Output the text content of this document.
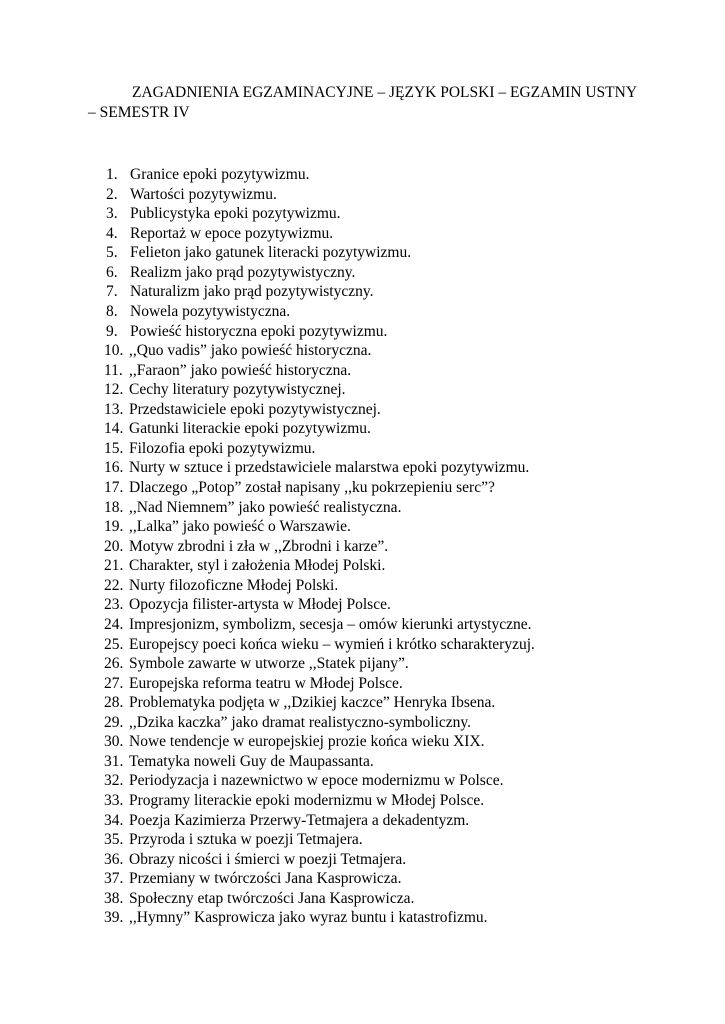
ZAGADNIENIA EGZAMINACYJNE – JĘZYK POLSKI – EGZAMIN USTNY – SEMESTR IV
1. Granice epoki pozytywizmu.
2. Wartości pozytywizmu.
3. Publicystyka epoki pozytywizmu.
4. Reportaż w epoce pozytywizmu.
5. Felieton jako gatunek literacki pozytywizmu.
6. Realizm jako prąd pozytywistyczny.
7. Naturalizm jako prąd pozytywistyczny.
8. Nowela pozytywistyczna.
9. Powieść historyczna epoki pozytywizmu.
10. ,,Quo vadis” jako powieść historyczna.
11. ,,Faraon” jako powieść historyczna.
12. Cechy literatury pozytywistycznej.
13. Przedstawiciele epoki pozytywistycznej.
14. Gatunki literackie epoki pozytywizmu.
15. Filozofia epoki pozytywizmu.
16. Nurty w sztuce i przedstawiciele malarstwa epoki pozytywizmu.
17. Dlaczego „Potop” został napisany ,,ku pokrzepieniu serc”?
18. ,,Nad Niemnem” jako powieść realistyczna.
19. ,,Lalka” jako powieść o Warszawie.
20. Motyw zbrodni i zła w ,,Zbrodni i karze”.
21. Charakter, styl i założenia Młodej Polski.
22. Nurty filozoficzne Młodej Polski.
23. Opozycja filister-artysta w Młodej Polsce.
24. Impresjonizm, symbolizm, secesja – omów kierunki artystyczne.
25. Europejscy poeci końca wieku – wymień i krótko scharakteryzuj.
26. Symbole zawarte w utworze ,,Statek pijany”.
27. Europejska reforma teatru w Młodej Polsce.
28. Problematyka podjęta w ,,Dzikiej kaczce” Henryka Ibsena.
29. ,,Dzika kaczka” jako dramat realistyczno-symboliczny.
30. Nowe tendencje w europejskiej prozie końca wieku XIX.
31. Tematyka noweli Guy de Maupassanta.
32. Periodyzacja i nazewnictwo w epoce modernizmu w Polsce.
33. Programy literackie epoki modernizmu w Młodej Polsce.
34. Poezja Kazimierza Przerwy-Tetmajera a dekadentyzm.
35. Przyroda i sztuka w poezji Tetmajera.
36. Obrazy nicości i śmierci w poezji Tetmajera.
37. Przemiany w twórczości Jana Kasprowicza.
38. Społeczny etap twórczości Jana Kasprowicza.
39. ,,Hymny” Kasprowicza jako wyraz buntu i katastrofizmu.
